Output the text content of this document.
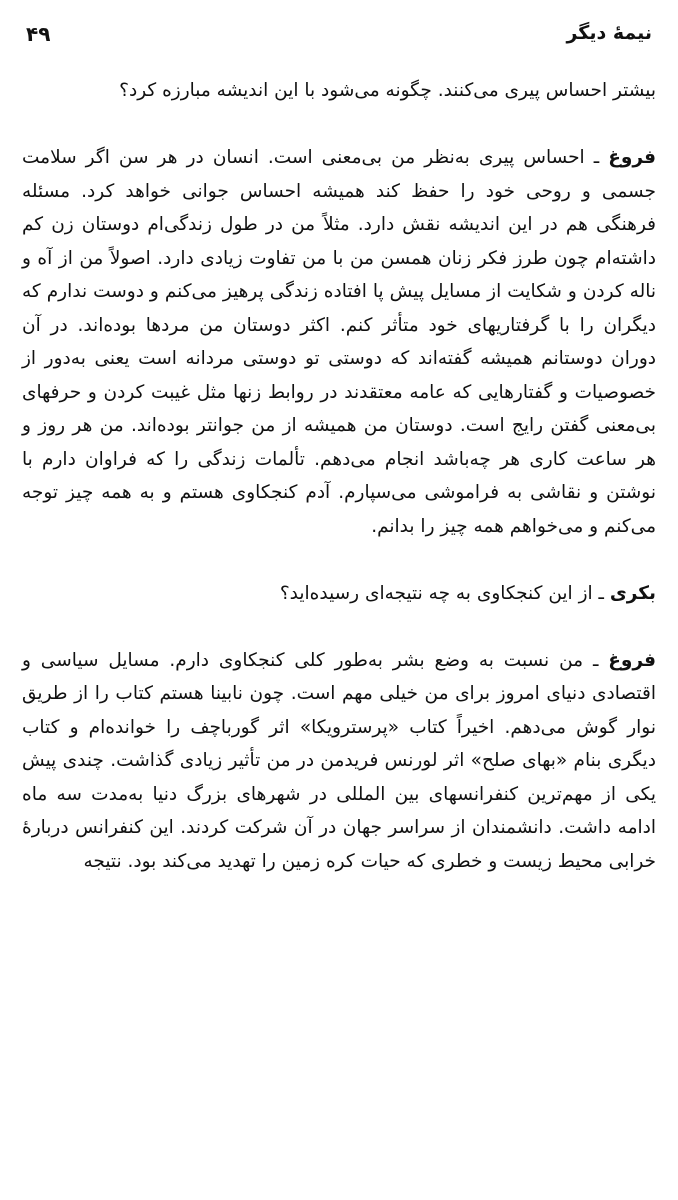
۴۹	نیمهٔ دیگر

بیشتر احساس پیری می‌کنند. چگونه می‌شود با این اندیشه مبارزه کرد؟

فروغ ـ احساس پیری به‌نظر من بی‌معنی است. انسان در هر سن اگر سلامت جسمی و روحی خود را حفظ کند همیشه احساس جوانی خواهد کرد. مسئله فرهنگی هم در این اندیشه نقش دارد. مثلاً من در طول زندگی‌ام دوستان زن کم داشته‌ام چون طرز فکر زنان همسن من با من تفاوت زیادی دارد. اصولاً من از آه و ناله کردن و شکایت از مسایل پیش پا افتاده زندگی پرهیز می‌کنم و دوست ندارم که دیگران را با گرفتاریهای خود متأثر کنم. اکثر دوستان من مردها بوده‌اند. در آن دوران دوستانم همیشه گفته‌اند که دوستی تو دوستی مردانه است یعنی به‌دور از خصوصیات و گفتارهایی که عامه معتقدند در روابط زنها مثل غیبت کردن و حرفهای بی‌معنی گفتن رایج است. دوستان من همیشه از من جوانتر بوده‌اند. من هر روز و هر ساعت کاری هر چه‌باشد انجام می‌دهم. تألمات زندگی را که فراوان دارم با نوشتن و نقاشی به فراموشی می‌سپارم. آدم کنجکاوی هستم و به همه چیز توجه می‌کنم و می‌خواهم همه چیز را بدانم.

بکری ـ از این کنجکاوی به چه نتیجه‌ای رسیده‌اید؟

فروغ ـ من نسبت به وضع بشر به‌طور کلی کنجکاوی دارم. مسایل سیاسی و اقتصادی دنیای امروز برای من خیلی مهم است. چون نابینا هستم کتاب را از طریق نوار گوش می‌دهم. اخیراً کتاب «پرسترویکا» اثر گورباچف را خوانده‌ام و کتاب دیگری بنام «بهای صلح» اثر لورنس فریدمن در من تأثیر زیادی گذاشت. چندی پیش یکی از مهم‌ترین کنفرانسهای بین المللی در شهرهای بزرگ دنیا به‌مدت سه ماه ادامه داشت. دانشمندان از سراسر جهان در آن شرکت کردند. این کنفرانس دربارهٔ خرابی محیط زیست و خطری که حیات کره زمین را تهدید می‌کند بود. نتیجه
